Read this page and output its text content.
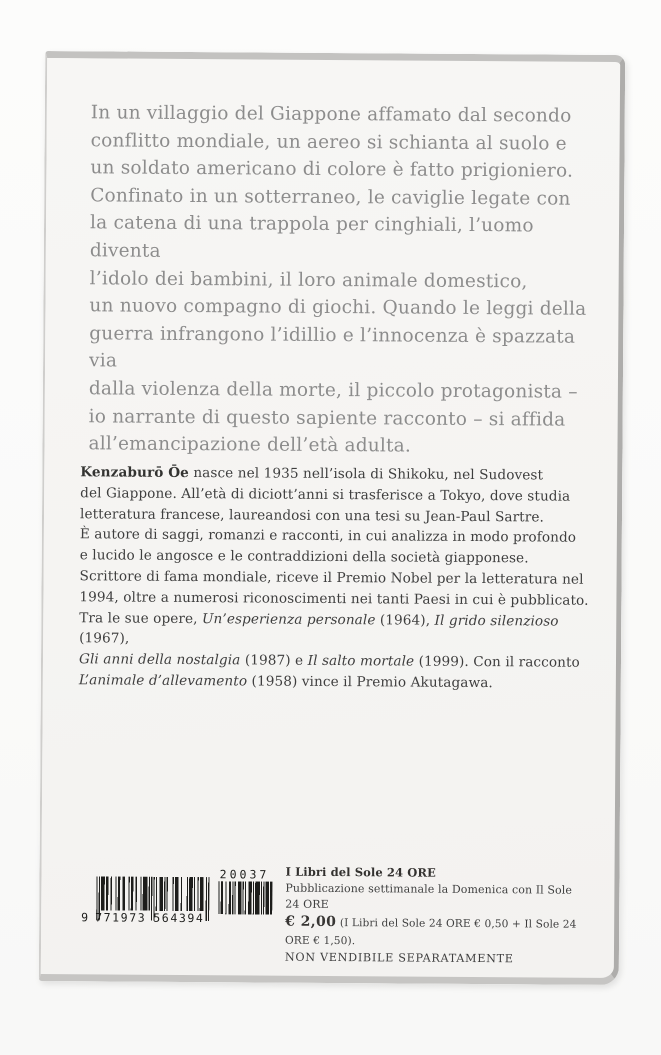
In un villaggio del Giappone affamato dal secondo
conflitto mondiale, un aereo si schianta al suolo e
un soldato americano di colore è fatto prigioniero.
Confinato in un sotterraneo, le caviglie legate con
la catena di una trappola per cinghiali, l’uomo diventa
l’idolo dei bambini, il loro animale domestico,
un nuovo compagno di giochi. Quando le leggi della
guerra infrangono l’idillio e l’innocenza è spazzata via
dalla violenza della morte, il piccolo protagonista –
io narrante di questo sapiente racconto – si affida
all’emancipazione dell’età adulta.

Kenzaburō Ōe nasce nel 1935 nell’isola di Shikoku, nel Sudovest
del Giappone. All’età di diciott’anni si trasferisce a Tokyo, dove studia
letteratura francese, laureandosi con una tesi su Jean-Paul Sartre.
È autore di saggi, romanzi e racconti, in cui analizza in modo profondo
e lucido le angosce e le contraddizioni della società giapponese.
Scrittore di fama mondiale, riceve il Premio Nobel per la letteratura nel
1994, oltre a numerosi riconoscimenti nei tanti Paesi in cui è pubblicato.
Tra le sue opere, Un’esperienza personale (1964), Il grido silenzioso (1967),
Gli anni della nostalgia (1987) e Il salto mortale (1999). Con il racconto
L’animale d’allevamento (1958) vince il Premio Akutagawa.

9 771973 564394
20037	I Libri del Sole 24 ORE
Pubblicazione settimanale la Domenica con Il Sole 24 ORE
€ 2,00 (I Libri del Sole 24 ORE € 0,50 + Il Sole 24 ORE € 1,50).
NON VENDIBILE SEPARATAMENTE
